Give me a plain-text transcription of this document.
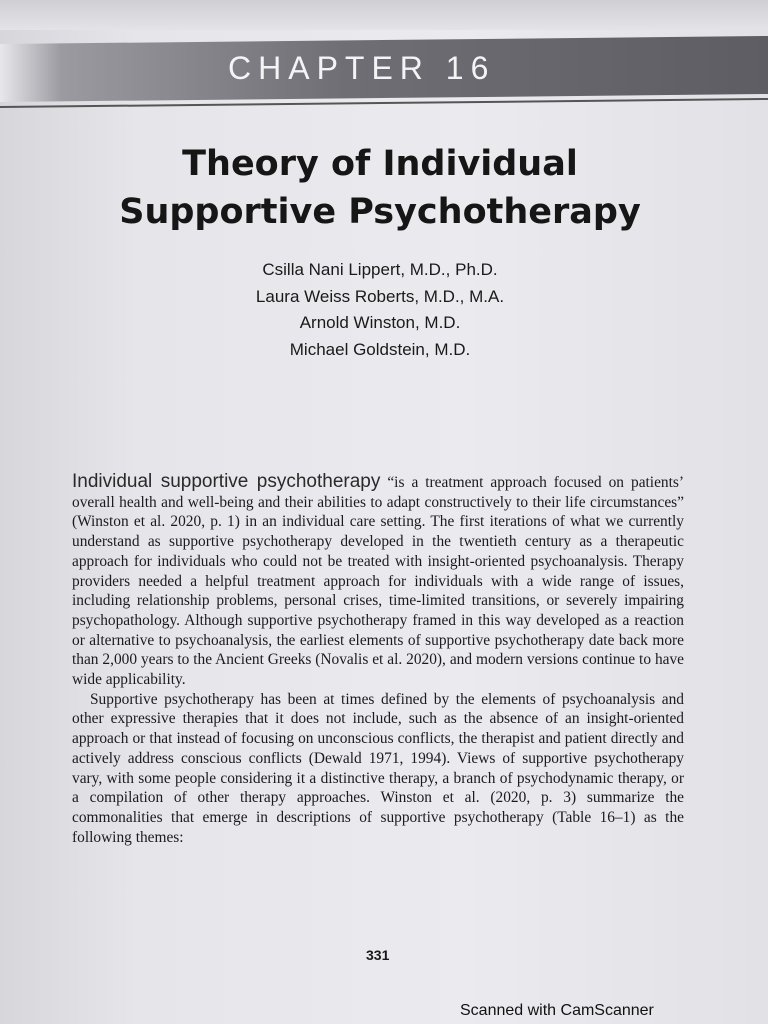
CHAPTER 16
Theory of Individual
Supportive Psychotherapy
Csilla Nani Lippert, M.D., Ph.D.
Laura Weiss Roberts, M.D., M.A.
Arnold Winston, M.D.
Michael Goldstein, M.D.

Individual supportive psychotherapy “is a treatment approach focused on patients’ overall health and well-being and their abilities to adapt constructively to their life circumstances” (Winston et al. 2020, p. 1) in an individual care setting. The first iterations of what we currently understand as supportive psychotherapy developed in the twentieth century as a therapeutic approach for individuals who could not be treated with insight-oriented psychoanalysis. Therapy providers needed a helpful treatment approach for individuals with a wide range of issues, including relationship problems, personal crises, time-limited transitions, or severely impairing psychopathology. Although supportive psychotherapy framed in this way developed as a reaction or alternative to psychoanalysis, the earliest elements of supportive psychotherapy date back more than 2,000 years to the Ancient Greeks (Novalis et al. 2020), and modern versions continue to have wide applicability.

Supportive psychotherapy has been at times defined by the elements of psychoanalysis and other expressive therapies that it does not include, such as the absence of an insight-oriented approach or that instead of focusing on unconscious conflicts, the therapist and patient directly and actively address conscious conflicts (Dewald 1971, 1994). Views of supportive psychotherapy vary, with some people considering it a distinctive therapy, a branch of psychodynamic therapy, or a compilation of other therapy approaches. Winston et al. (2020, p. 3) summarize the commonalities that emerge in descriptions of supportive psychotherapy (Table 16–1) as the following themes:

331
Scanned with CamScanner
